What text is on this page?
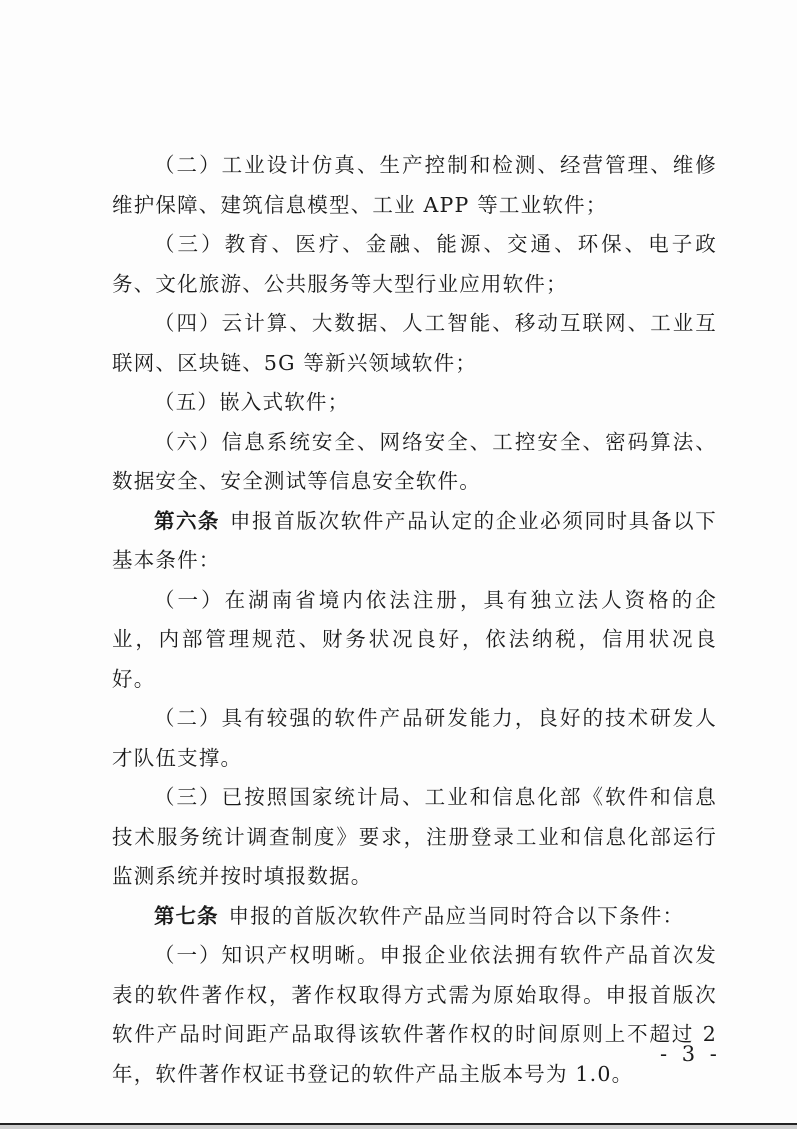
（二）工业设计仿真、生产控制和检测、经营管理、维修维护保障、建筑信息模型、工业 APP 等工业软件；

（三）教育、医疗、金融、能源、交通、环保、电子政务、文化旅游、公共服务等大型行业应用软件；

（四）云计算、大数据、人工智能、移动互联网、工业互联网、区块链、5G 等新兴领域软件；

（五）嵌入式软件；

（六）信息系统安全、网络安全、工控安全、密码算法、数据安全、安全测试等信息安全软件。

第六条 申报首版次软件产品认定的企业必须同时具备以下基本条件：

（一）在湖南省境内依法注册，具有独立法人资格的企业，内部管理规范、财务状况良好，依法纳税，信用状况良好。

（二）具有较强的软件产品研发能力，良好的技术研发人才队伍支撑。

（三）已按照国家统计局、工业和信息化部《软件和信息技术服务统计调查制度》要求，注册登录工业和信息化部运行监测系统并按时填报数据。

第七条 申报的首版次软件产品应当同时符合以下条件：

（一）知识产权明晰。申报企业依法拥有软件产品首次发表的软件著作权，著作权取得方式需为原始取得。申报首版次软件产品时间距产品取得该软件著作权的时间原则上不超过 2 年，软件著作权证书登记的软件产品主版本号为 1.0。

- 3 -
